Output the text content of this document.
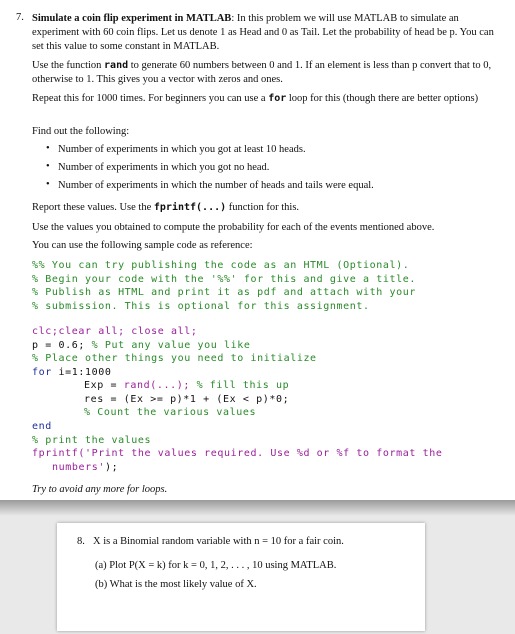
7. Simulate a coin flip experiment in MATLAB: In this problem we will use MATLAB to simulate an experiment with 60 coin flips. Let us denote 1 as Head and 0 as Tail. Let the probability of head be p. You can set this value to some constant in MATLAB.

Use the function rand to generate 60 numbers between 0 and 1. If an element is less than p convert that to 0, otherwise to 1. This gives you a vector with zeros and ones.

Repeat this for 1000 times. For beginners you can use a for loop for this (though there are better options)

Find out the following:

• Number of experiments in which you got at least 10 heads.
• Number of experiments in which you got no head.
• Number of experiments in which the number of heads and tails were equal.

Report these values. Use the fprintf(...) function for this.

Use the values you obtained to compute the probability for each of the events mentioned above.

You can use the following sample code as reference:

%% You can try publishing the code as an HTML (Optional).
% Begin your code with the '%%' for this and give a title.
% Publish as HTML and print it as pdf and attach with your
% submission. This is optional for this assignment.
clc;clear all; close all;
p = 0.6; % Put any value you like
% Place other things you need to initialize
for i=1:1000
Exp = rand(...); % fill this up
res = (Ex >= p)*1 + (Ex < p)*0;
% Count the various values
end
% print the values
fprintf('Print the values required. Use %d or %f to format the
numbers');

Try to avoid any more for loops.

8. X is a Binomial random variable with n = 10 for a fair coin.
(a) Plot P(X = k) for k = 0, 1, 2, . . . , 10 using MATLAB.
(b) What is the most likely value of X.
